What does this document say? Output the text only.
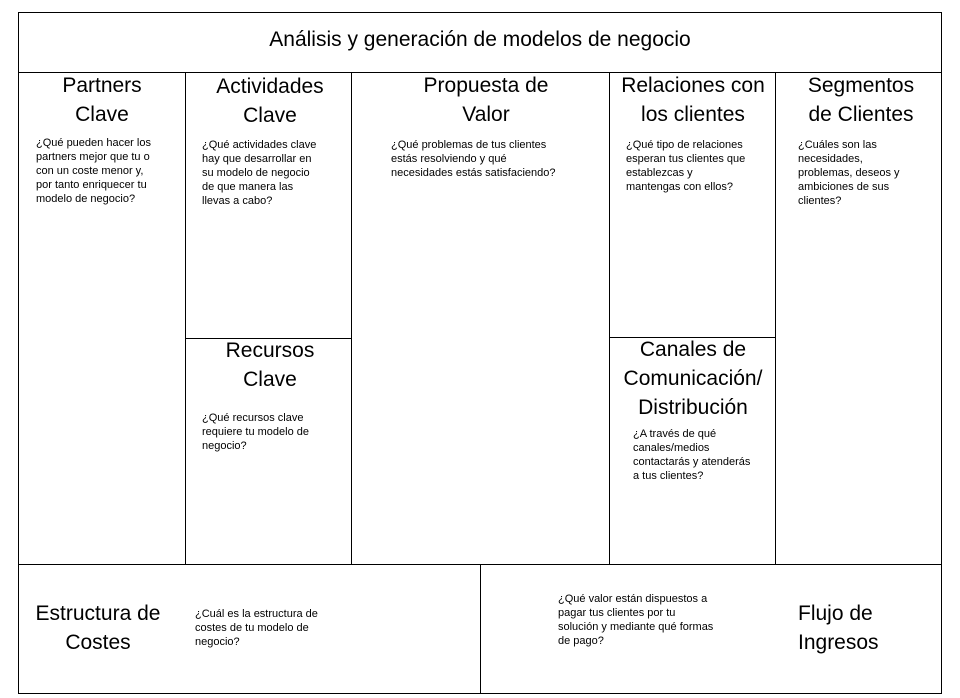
Análisis y generación de modelos de negocio
Partners
Clave
¿Qué pueden hacer los
partners mejor que tu o
con un coste menor y,
por tanto enriquecer tu
modelo de negocio?
Actividades
Clave
¿Qué actividades clave
hay que desarrollar en
su modelo de negocio
de que manera las
llevas a cabo?
Recursos
Clave
¿Qué recursos clave
requiere tu modelo de
negocio?
Propuesta de
Valor
¿Qué problemas de tus clientes
estás resolviendo y qué
necesidades estás satisfaciendo?
Relaciones con
los clientes
¿Qué tipo de relaciones
esperan tus clientes que
establezcas y
mantengas con ellos?
Canales de
Comunicación/
Distribución
¿A través de qué
canales/medios
contactarás y atenderás
a tus clientes?
Segmentos
de Clientes
¿Cuáles son las
necesidades,
problemas, deseos y
ambiciones de sus
clientes?
Estructura de
Costes
¿Cuál es la estructura de
costes de tu modelo de
negocio?
Flujo de
Ingresos
¿Qué valor están dispuestos a
pagar tus clientes por tu
solución y mediante qué formas
de pago?
